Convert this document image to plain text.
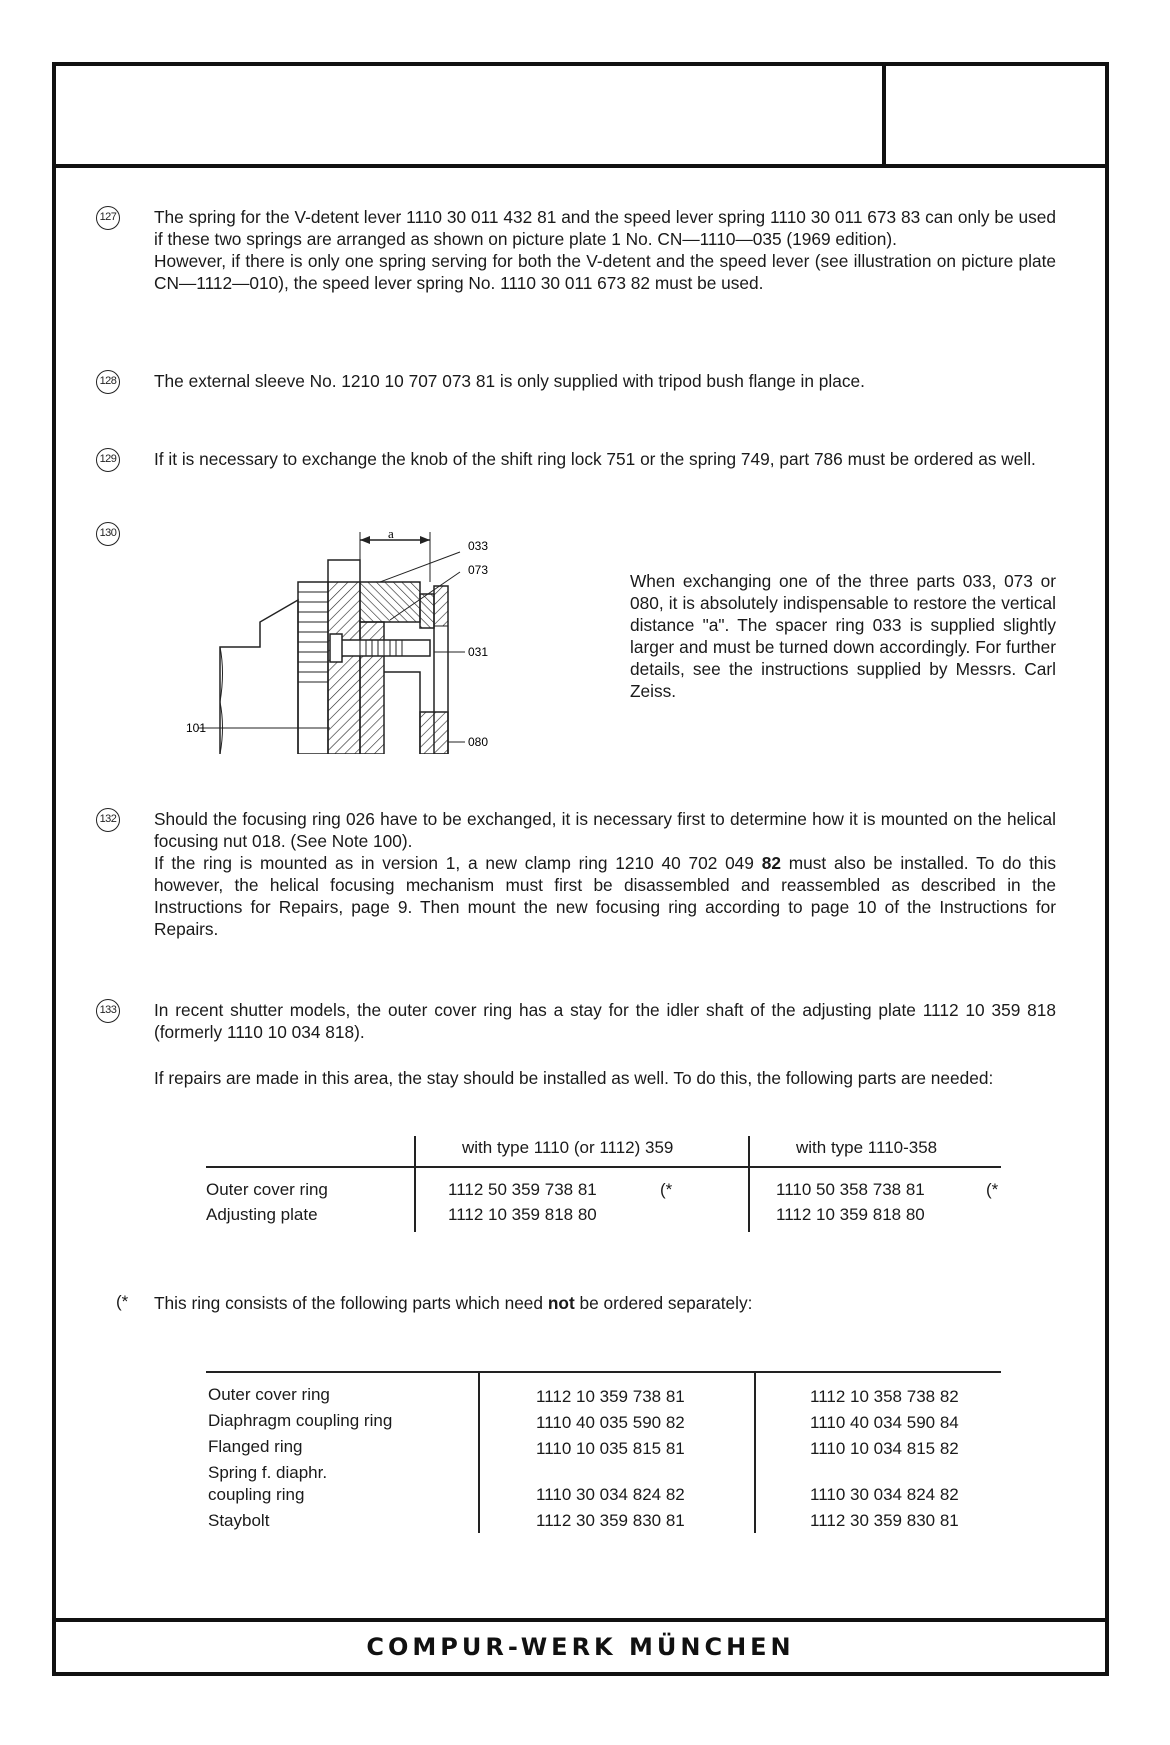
COMPUR-WERK MÜNCHEN
127 The spring for the V-detent lever 1110 30 011 432 81 and the speed lever spring 1110 30 011 673 83 can only be used if these two springs are arranged as shown on picture plate 1 No. CN—1110—035 (1969 edition).

However, if there is only one spring serving for both the V-detent and the speed lever (see illustration on picture plate CN—1112—010), the speed lever spring No. 1110 30 011 673 82 must be used.

128 The external sleeve No. 1210 10 707 073 81 is only supplied with tripod bush flange in place.

129 If it is necessary to exchange the knob of the shift ring lock 751 or the spring 749, part 786 must be ordered as well.

130	a
033
073
031
080
101
When exchanging one of the three parts 033, 073 or 080, it is absolutely indispensable to restore the vertical distance "a". The spacer ring 033 is supplied slightly larger and must be turned down accordingly. For further details, see the instructions supplied by Messrs. Carl Zeiss.
132 Should the focusing ring 026 have to be exchanged, it is necessary first to determine how it is mounted on the helical focusing nut 018. (See Note 100).

If the ring is mounted as in version 1, a new clamp ring 1210 40 702 049 82 must also be installed. To do this however, the helical focusing mechanism must first be disassembled and reassembled as described in the Instructions for Repairs, page 9. Then mount the new focusing ring according to page 10 of the Instructions for Repairs.

133 In recent shutter models, the outer cover ring has a stay for the idler shaft of the adjusting plate 1112 10 359 818 (formerly 1110 10 034 818).

If repairs are made in this area, the stay should be installed as well. To do this, the following parts are needed:

with type 1110 (or 1112) 359	with type 1110-358
Outer cover ring	1112 50 359 738 81	(*	1110 50 358 738 81	(*
Adjusting plate	1112 10 359 818 80	1112 10 359 818 80
(* This ring consists of the following parts which need not be ordered separately:
Outer cover ring	1112 10 359 738 81	1112 10 358 738 82
Diaphragm coupling ring	1110 40 035 590 82	1110 40 034 590 84
Flanged ring	1110 10 035 815 81	1110 10 034 815 82
Spring f. diaphr.
coupling ring	1110 30 034 824 82	1110 30 034 824 82
Staybolt	1112 30 359 830 81	1112 30 359 830 81
